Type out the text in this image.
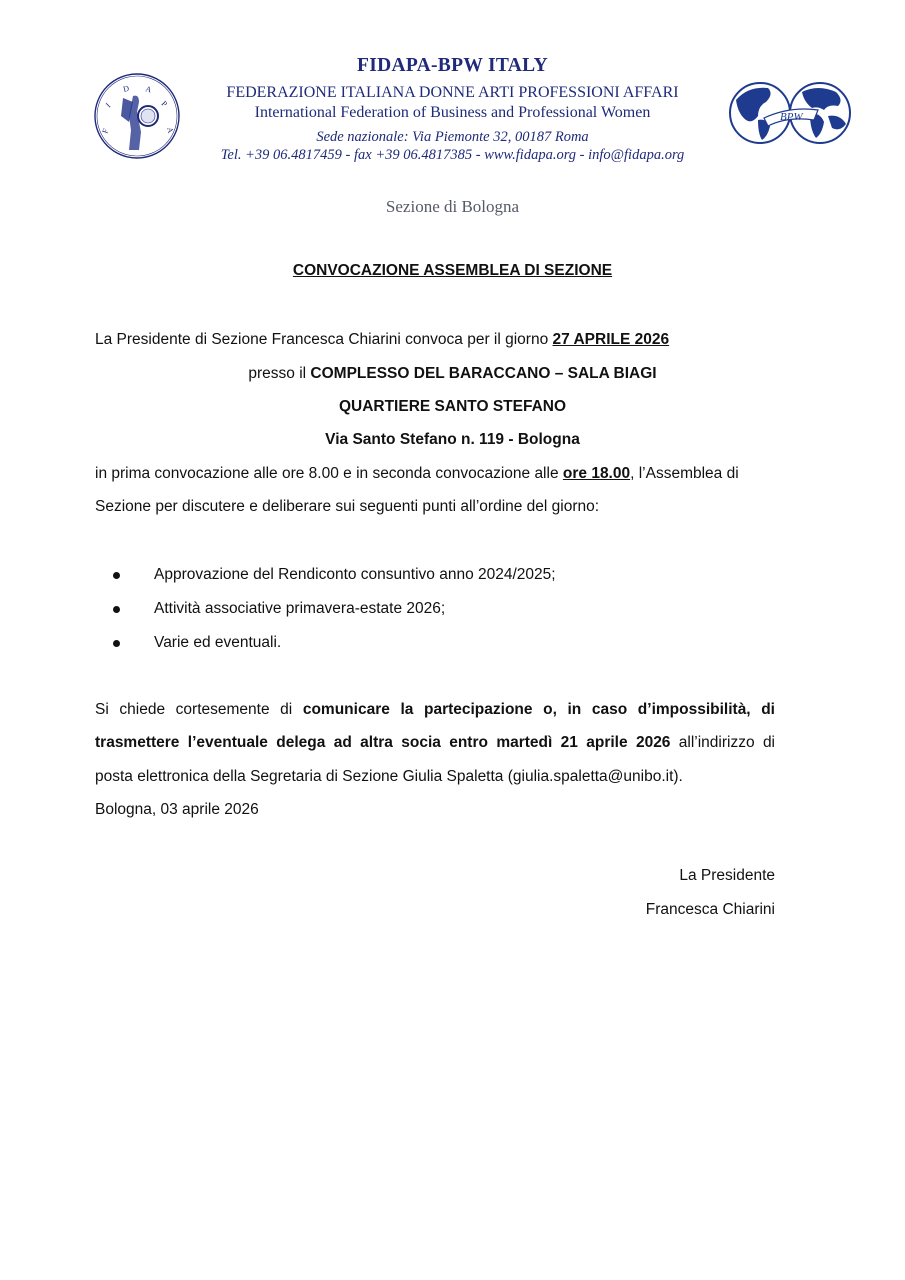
F
I
D A
P
A
FIDAPA-BPW ITALY
FEDERAZIONE ITALIANA DONNE ARTI PROFESSIONI AFFARI
International Federation of Business and Professional Women
Sede nazionale: Via Piemonte 32, 00187 Roma
Tel. +39 06.4817459 - fax +39 06.4817385 - www.fidapa.org - info@fidapa.org
BPW
Sezione di Bologna
CONVOCAZIONE ASSEMBLEA DI SEZIONE
La Presidente di Sezione Francesca Chiarini convoca per il giorno 27 APRILE 2026
presso il COMPLESSO DEL BARACCANO – SALA BIAGI
QUARTIERE SANTO STEFANO
Via Santo Stefano n. 119 - Bologna
in prima convocazione alle ore 8.00 e in seconda convocazione alle ore 18.00, l’Assemblea di
Sezione per discutere e deliberare sui seguenti punti all’ordine del giorno:
Approvazione del Rendiconto consuntivo anno 2024/2025;
Attività associative primavera-estate 2026;
Varie ed eventuali.
Si chiede cortesemente di comunicare la partecipazione o, in caso d’impossibilità, di
trasmettere l’eventuale delega ad altra socia entro martedì 21 aprile 2026 all’indirizzo di
posta elettronica della Segretaria di Sezione Giulia Spaletta (giulia.spaletta@unibo.it).
Bologna, 03 aprile 2026
La Presidente
Francesca Chiarini
